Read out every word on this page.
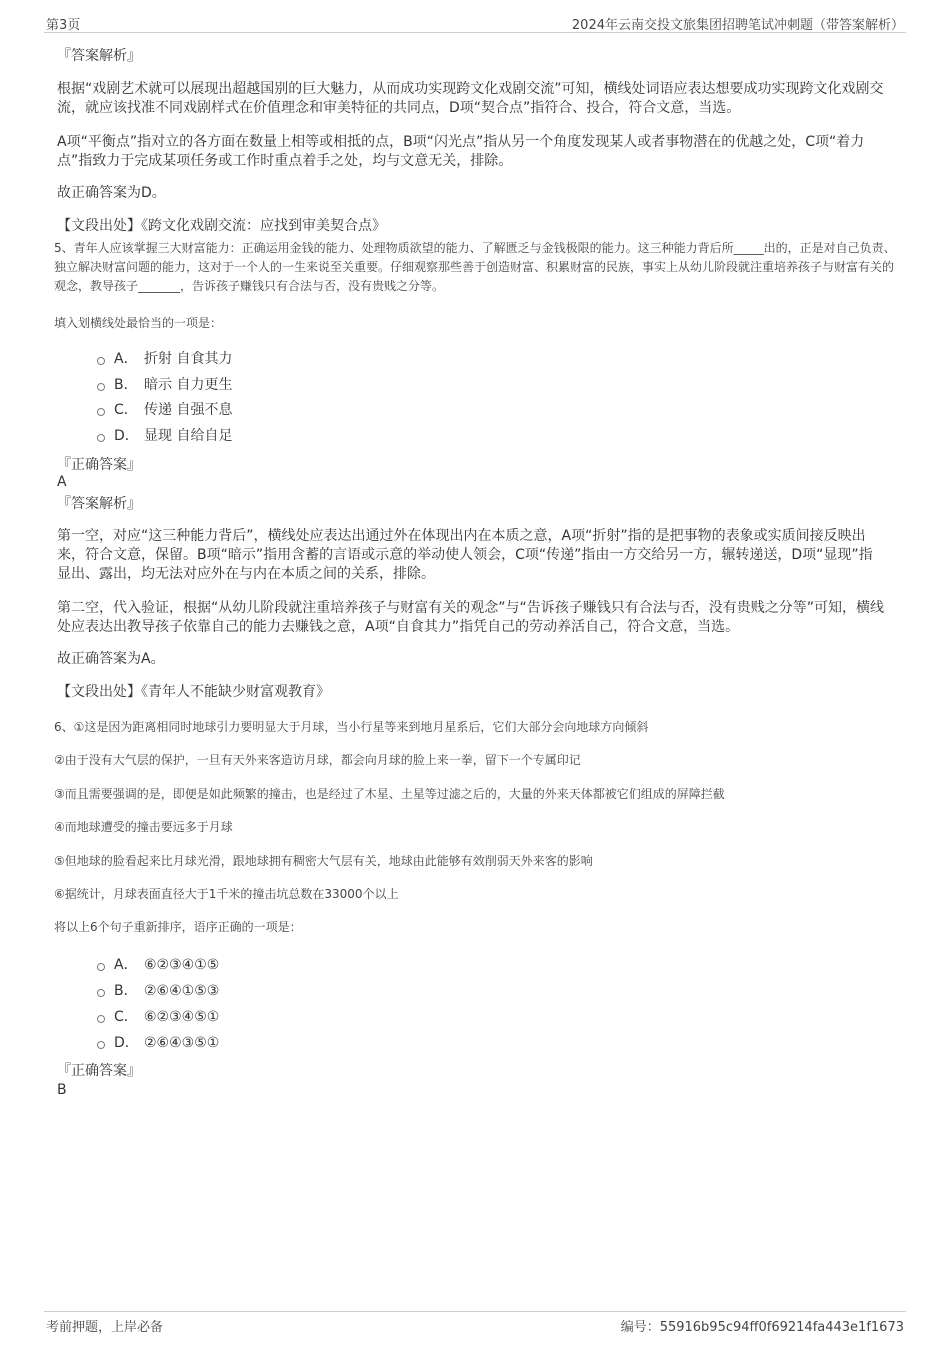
第3页	2024年云南交投文旅集团招聘笔试冲刺题（带答案解析）
『答案解析』
根据“戏剧艺术就可以展现出超越国别的巨大魅力，从而成功实现跨文化戏剧交流”可知，横线处词语应表达想要成功实现跨文化戏剧交流，就应该找准不同戏剧样式在价值理念和审美特征的共同点，D项“契合点”指符合、投合，符合文意，当选。
A项“平衡点”指对立的各方面在数量上相等或相抵的点，B项“闪光点”指从另一个角度发现某人或者事物潜在的优越之处，C项“着力点”指致力于完成某项任务或工作时重点着手之处，均与文意无关，排除。
故正确答案为D。
【文段出处】《跨文化戏剧交流：应找到审美契合点》
5、青年人应该掌握三大财富能力：正确运用金钱的能力、处理物质欲望的能力、了解匮乏与金钱极限的能力。这三种能力背后所_____出的，正是对自己负责、独立解决财富问题的能力，这对于一个人的一生来说至关重要。仔细观察那些善于创造财富、积累财富的民族，事实上从幼儿阶段就注重培养孩子与财富有关的观念，教导孩子_______，告诉孩子赚钱只有合法与否，没有贵贱之分等。
填入划横线处最恰当的一项是：
A． 折射 自食其力
B． 暗示 自力更生
C． 传递 自强不息
D． 显现 自给自足
『正确答案』
A
『答案解析』
第一空，对应“这三种能力背后”，横线处应表达出通过外在体现出内在本质之意，A项“折射”指的是把事物的表象或实质间接反映出来，符合文意，保留。B项“暗示”指用含蓄的言语或示意的举动使人领会，C项“传递”指由一方交给另一方，辗转递送，D项“显现”指显出、露出，均无法对应外在与内在本质之间的关系，排除。
第二空，代入验证，根据“从幼儿阶段就注重培养孩子与财富有关的观念”与“告诉孩子赚钱只有合法与否，没有贵贱之分等”可知，横线处应表达出教导孩子依靠自己的能力去赚钱之意，A项“自食其力”指凭自己的劳动养活自己，符合文意，当选。
故正确答案为A。
【文段出处】《青年人不能缺少财富观教育》
6、①这是因为距离相同时地球引力要明显大于月球，当小行星等来到地月星系后，它们大部分会向地球方向倾斜
②由于没有大气层的保护，一旦有天外来客造访月球，都会向月球的脸上来一拳，留下一个专属印记
③而且需要强调的是，即便是如此频繁的撞击，也是经过了木星、土星等过滤之后的，大量的外来天体都被它们组成的屏障拦截
④而地球遭受的撞击要远多于月球
⑤但地球的脸看起来比月球光滑，跟地球拥有稠密大气层有关，地球由此能够有效削弱天外来客的影响
⑥据统计，月球表面直径大于1千米的撞击坑总数在33000个以上
将以上6个句子重新排序，语序正确的一项是：
A． ⑥②③④①⑤
B． ②⑥④①⑤③
C． ⑥②③④⑤①
D． ②⑥④③⑤①
『正确答案』
B
考前押题，上岸必备	编号：55916b95c94ff0f69214fa443e1f1673
